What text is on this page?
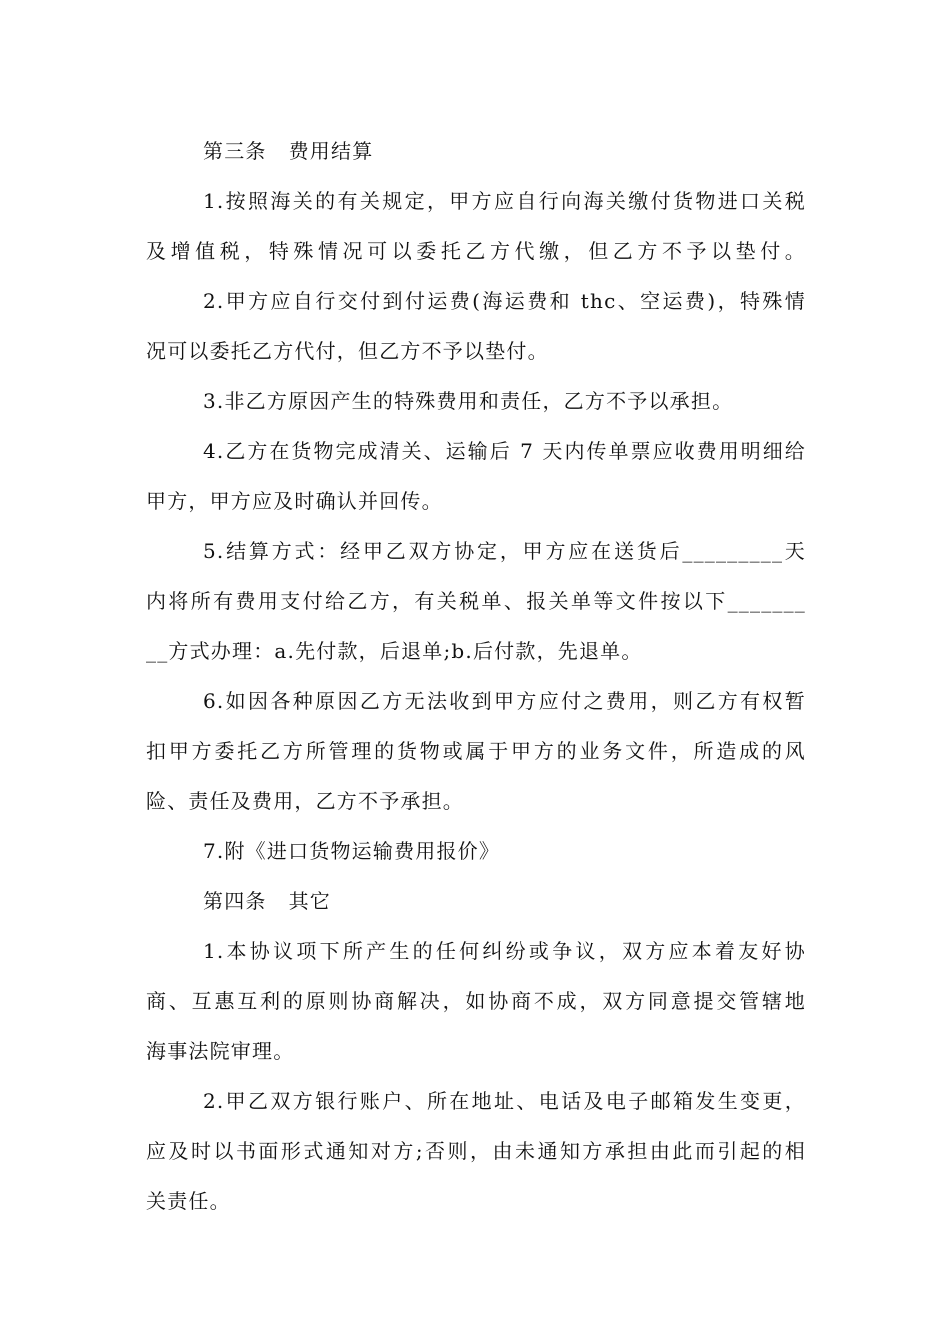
第三条 费用结算
1.按照海关的有关规定，甲方应自行向海关缴付货物进口关税
及增值税，特殊情况可以委托乙方代缴，但乙方不予以垫付。
2.甲方应自行交付到付运费(海运费和 thc、空运费)，特殊情
况可以委托乙方代付，但乙方不予以垫付。
3.非乙方原因产生的特殊费用和责任，乙方不予以承担。
4.乙方在货物完成清关、运输后 7 天内传单票应收费用明细给
甲方，甲方应及时确认并回传。
5.结算方式：经甲乙双方协定，甲方应在送货后_________天
内将所有费用支付给乙方，有关税单、报关单等文件按以下_______
__方式办理：a.先付款，后退单;b.后付款，先退单。
6.如因各种原因乙方无法收到甲方应付之费用，则乙方有权暂
扣甲方委托乙方所管理的货物或属于甲方的业务文件，所造成的风
险、责任及费用，乙方不予承担。
7.附《进口货物运输费用报价》
第四条 其它
1.本协议项下所产生的任何纠纷或争议，双方应本着友好协
商、互惠互利的原则协商解决，如协商不成，双方同意提交管辖地
海事法院审理。
2.甲乙双方银行账户、所在地址、电话及电子邮箱发生变更，
应及时以书面形式通知对方;否则，由未通知方承担由此而引起的相
关责任。
